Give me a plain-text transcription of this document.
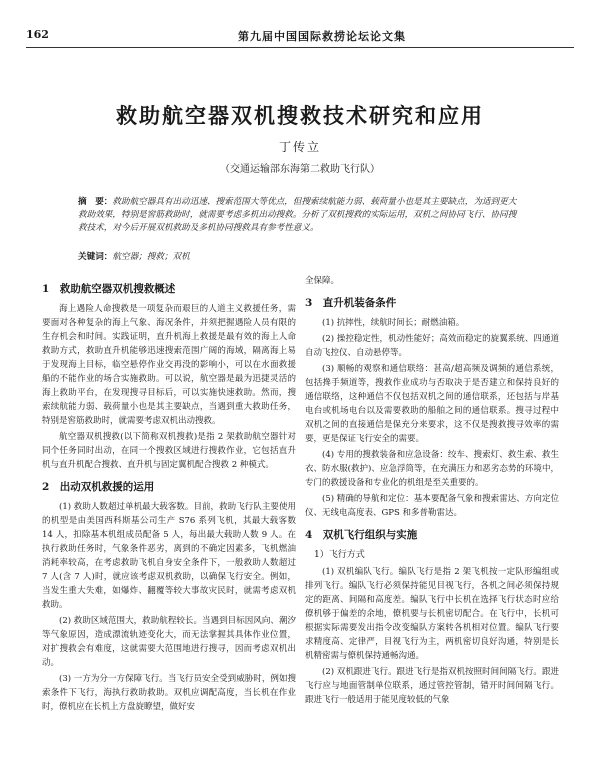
162	第九届中国国际救捞论坛论文集
救助航空器双机搜救技术研究和应用
丁传立
（交通运输部东海第二救助飞行队）
摘　要：救助航空器具有出动迅速、搜索范围大等优点，但搜索续航能力弱、载荷量小也是其主要缺点，为适到更大救助效果，特别是窖筋救助时，就需要考虑多机出动搜救。分析了双机搜救的实际运用，双机之间协同飞行、协同搜救技术，对今后开展双机救助及多机协同搜救具有参考性意义。
关键词：航空器；搜救；双机
1　救助航空器双机搜救概述

海上遇险人命搜救是一项复杂而艰巨的人道主义救援任务，需要面对各种复杂的海上气象、海况条件，并须把握遇险人员有限的生存机会和时间。实践证明，直升机海上救援是最有效的海上人命救助方式，救助直升机能够迅速搜索范围广阔的海域，隔离海上易于发现海上目标，临空悬停作业交再没的影响小，可以在水面救援船的不能作业的场合实施救助。可以说，航空器是最为迅捷灵活的海上救助平台，在发现搜寻目标后，可以实施快速救助。然而，搜索续航能力弱、载荷量小也是其主要缺点，当遇到重大救助任务，特别是窖筋救助时，就需要考虑双机出动搜救。

航空器双机搜救(以下简称双机搜救)是指 2 架救助航空器针对同个任务同时出动，在同一个搜救区域进行搜救作业，它包括直升机与直升机配合搜救、直升机与固定翼机配合搜救 2 种模式。

2　出动双机救援的运用

(1) 救助人数超过单机最大载客数。目前，救助飞行队主要使用的机型是由美国西科斯基公司生产 S76 系列飞机，其最大载客数 14 人，扣除基本机组成员配备 5 人，每出最大载助人数 9 人。在执行救助任务时，气象条件恶劣，离到的不确定因素多，飞机燃油消耗率较高，在考虑救助飞机自身安全条件下，一般救助人数超过 7 人(含 7 人)时，就应该考虑双机救助，以确保飞行安全。例如，当发生重大失难，如爆炸、翻覆等较大事故灾民时，就需考虑双机救助。

(2) 救助区域范围大，救助航程较长。当遇到目标因风向、潮汐等气象原因，造成漂流轨迹变化大，而无法掌握其具体作业位置，对扩搜救会有难度，这就需要大范围地进行搜寻，因而考虑双机出动。

(3) 一方为分一方保障飞行。当飞行员安全受到威胁时，例如搜索条件下飞行，海执行救助救助。双机应调配高度，当长机在作业时，僚机应在长机上方盘旋瞭望，做好安

全保障。

3　直升机装备条件

(1) 抗摔性，续航时间长；耐燃油箱。

(2) 操控稳定性，机动性能好；高效而稳定的旋翼系统、四通道自动飞控仪、自动悬停等。

(3) 顺畅的观察和通信联络：甚高/超高频及调频的通信系统，包括搀手频道等，搜救作业成功与否取决于是否建立和保持良好的通信联络，这种通信不仅包括双机之间的通信联系，还包括与岸基电台或机场电台以及需要救助的船舶之间的通信联系。搜寻过程中双机之间的直接通信是保充分来要求，这不仅是搜救搜寻效率的需要，更是保证飞行安全的需要。

(4) 专用的搜救装备和应急设备：绞车、搜索灯、救生索、救生衣、防水服(救护)、应急浮筒等，在充满压力和恶劣态势的环境中，专门的救援设备和专业化的机组是至关重要的。

(5) 精确的导航和定位：基本要配备气象和搜索雷达、方向定位仪、无线电高度表、GPS 和多普勒雷达。

4　双机飞行组织与实施
1）飞行方式

(1) 双机编队飞行。编队飞行是指 2 架飞机按一定队形编组或排列飞行。编队飞行必须保持能见目视飞行，各机之间必须保持规定的距离、间隔和高度差。编队飞行中长机在选择飞行状态时应给僚机够于偏差的余地，僚机要与长机密切配合。在飞行中，长机可根据实际需要发出指令改变编队方案转各机相对位置。编队飞行要求精度高、定律严，目视飞行为主，两机密切良好沟通，特别是长机精密需与僚机保持通畅沟通。

(2) 双机跟进飞行。跟进飞行是指双机按照时间间隔飞行。跟进飞行应与地面管制单位联系，通过管控管制，错开时间间隔飞行。跟进飞行一般适用于能见度较低的气象
